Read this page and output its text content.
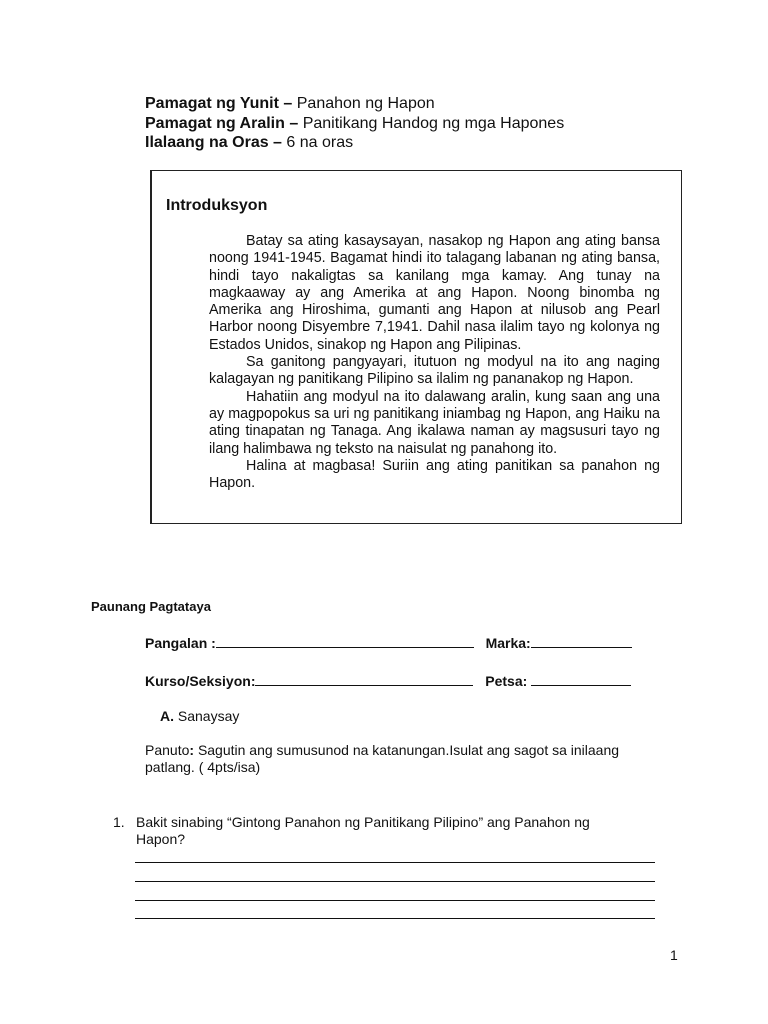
Pamagat ng Yunit – Panahon ng Hapon
Pamagat ng Aralin – Panitikang Handog ng mga Hapones
Ilalaang na Oras – 6 na oras
Introduksyon

Batay sa ating kasaysayan, nasakop ng Hapon ang ating bansa noong 1941-1945. Bagamat hindi ito talagang labanan ng ating bansa, hindi tayo nakaligtas sa kanilang mga kamay. Ang tunay na magkaaway ay ang Amerika at ang Hapon. Noong binomba ng Amerika ang Hiroshima, gumanti ang Hapon at nilusob ang Pearl Harbor noong Disyembre 7,1941. Dahil nasa ilalim tayo ng kolonya ng Estados Unidos, sinakop ng Hapon ang Pilipinas.

Sa ganitong pangyayari, itutuon ng modyul na ito ang naging kalagayan ng panitikang Pilipino sa ilalim ng pananakop ng Hapon.

Hahatiin ang modyul na ito dalawang aralin, kung saan ang una ay magpopokus sa uri ng panitikang iniambag ng Hapon, ang Haiku na ating tinapatan ng Tanaga. Ang ikalawa naman ay magsusuri tayo ng ilang halimbawa ng teksto na naisulat ng panahong ito.

Halina at magbasa! Suriin ang ating panitikan sa panahon ng Hapon.

Paunang Pagtataya
Pangalan :	Marka:
Kurso/Seksiyon:	Petsa:
A. Sanaysay
Panuto: Sagutin ang sumusunod na katanungan.Isulat ang sagot sa inilaang patlang. ( 4pts/isa)
1. Bakit sinabing “Gintong Panahon ng Panitikang Pilipino” ang Panahon ng Hapon?
1
